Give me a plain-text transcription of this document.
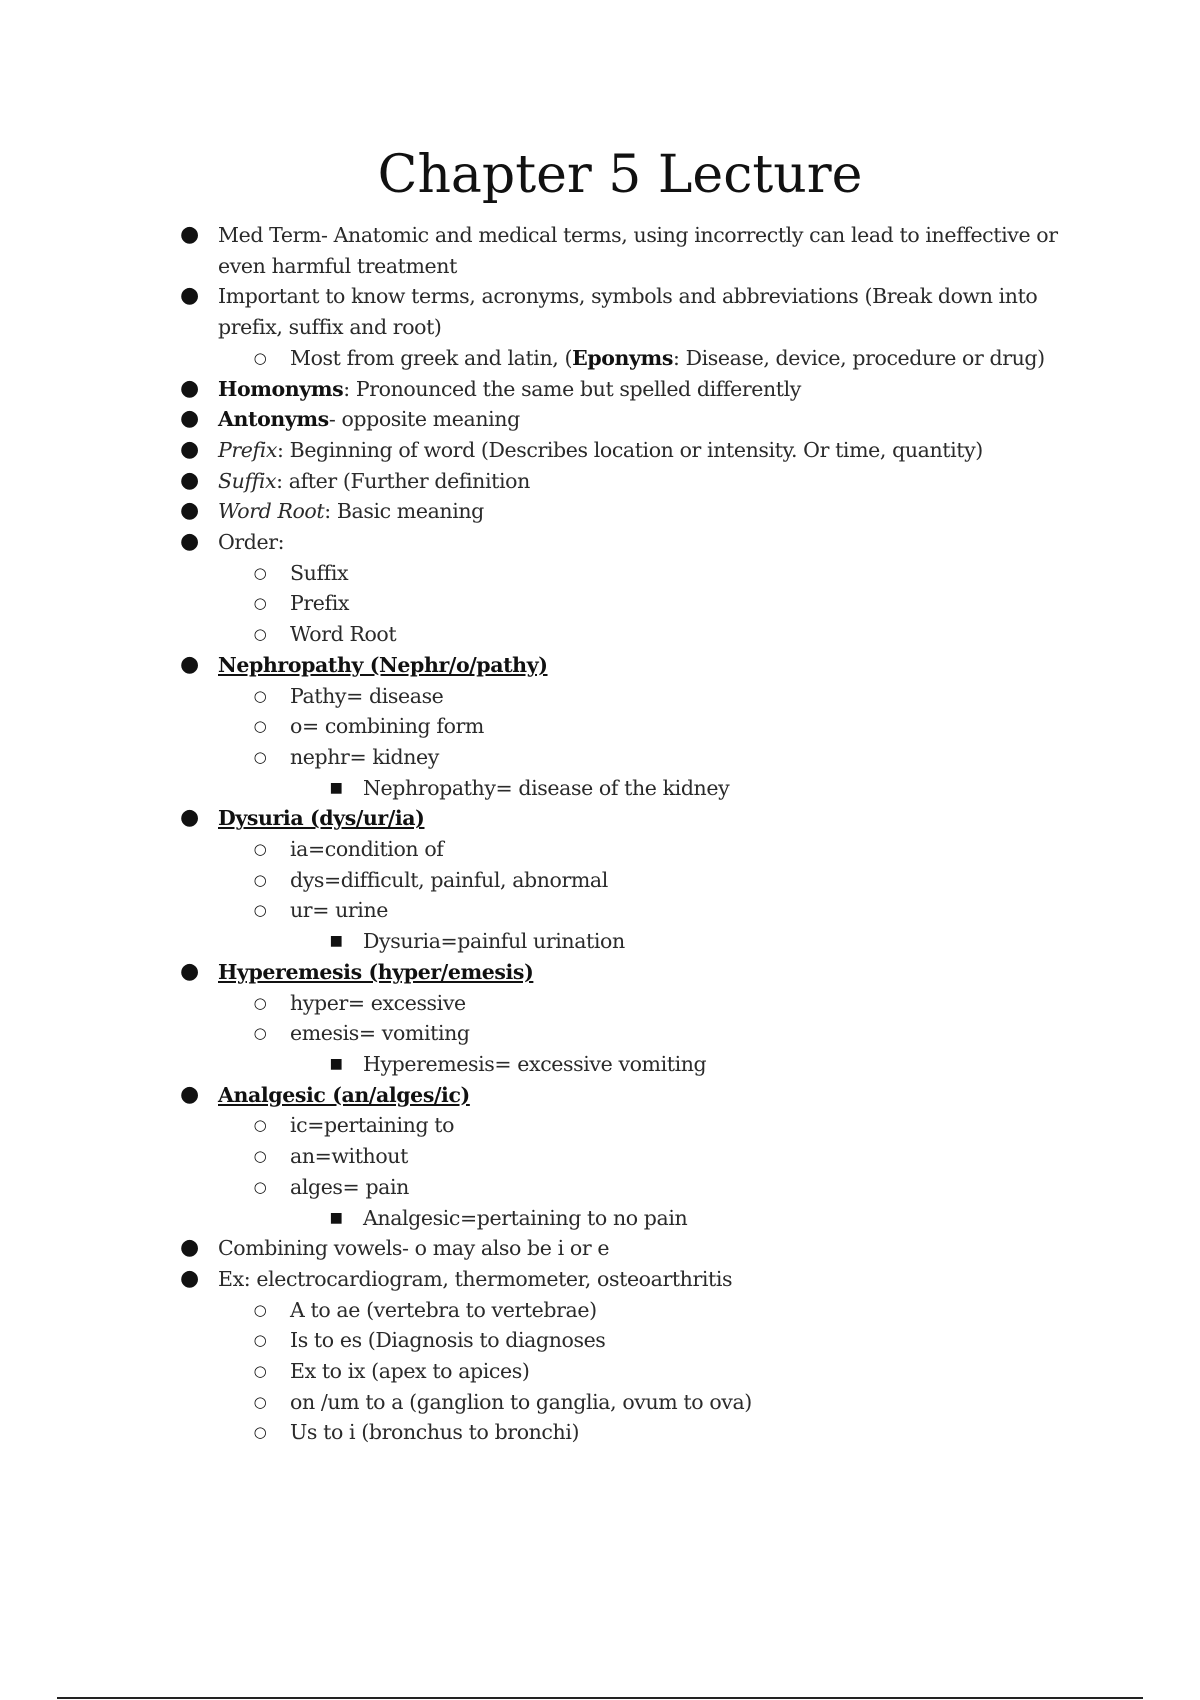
Chapter 5 Lecture
● Med Term- Anatomic and medical terms, using incorrectly can lead to ineffective or even harmful treatment
● Important to know terms, acronyms, symbols and abbreviations (Break down into prefix, suffix and root)
○ Most from greek and latin, (Eponyms: Disease, device, procedure or drug)
● Homonyms: Pronounced the same but spelled differently
● Antonyms- opposite meaning
● Prefix: Beginning of word (Describes location or intensity. Or time, quantity)
● Suffix: after (Further definition
● Word Root: Basic meaning
● Order:
○ Suffix
○ Prefix
○ Word Root
● Nephropathy (Nephr/o/pathy)
○ Pathy= disease
○ o= combining form
○ nephr= kidney
■ Nephropathy= disease of the kidney
● Dysuria (dys/ur/ia)
○ ia=condition of
○ dys=difficult, painful, abnormal
○ ur= urine
■ Dysuria=painful urination
● Hyperemesis (hyper/emesis)
○ hyper= excessive
○ emesis= vomiting
■ Hyperemesis= excessive vomiting
● Analgesic (an/alges/ic)
○ ic=pertaining to
○ an=without
○ alges= pain
■ Analgesic=pertaining to no pain
● Combining vowels- o may also be i or e
● Ex: electrocardiogram, thermometer, osteoarthritis
○ A to ae (vertebra to vertebrae)
○ Is to es (Diagnosis to diagnoses
○ Ex to ix (apex to apices)
○ on /um to a (ganglion to ganglia, ovum to ova)
○ Us to i (bronchus to bronchi)
